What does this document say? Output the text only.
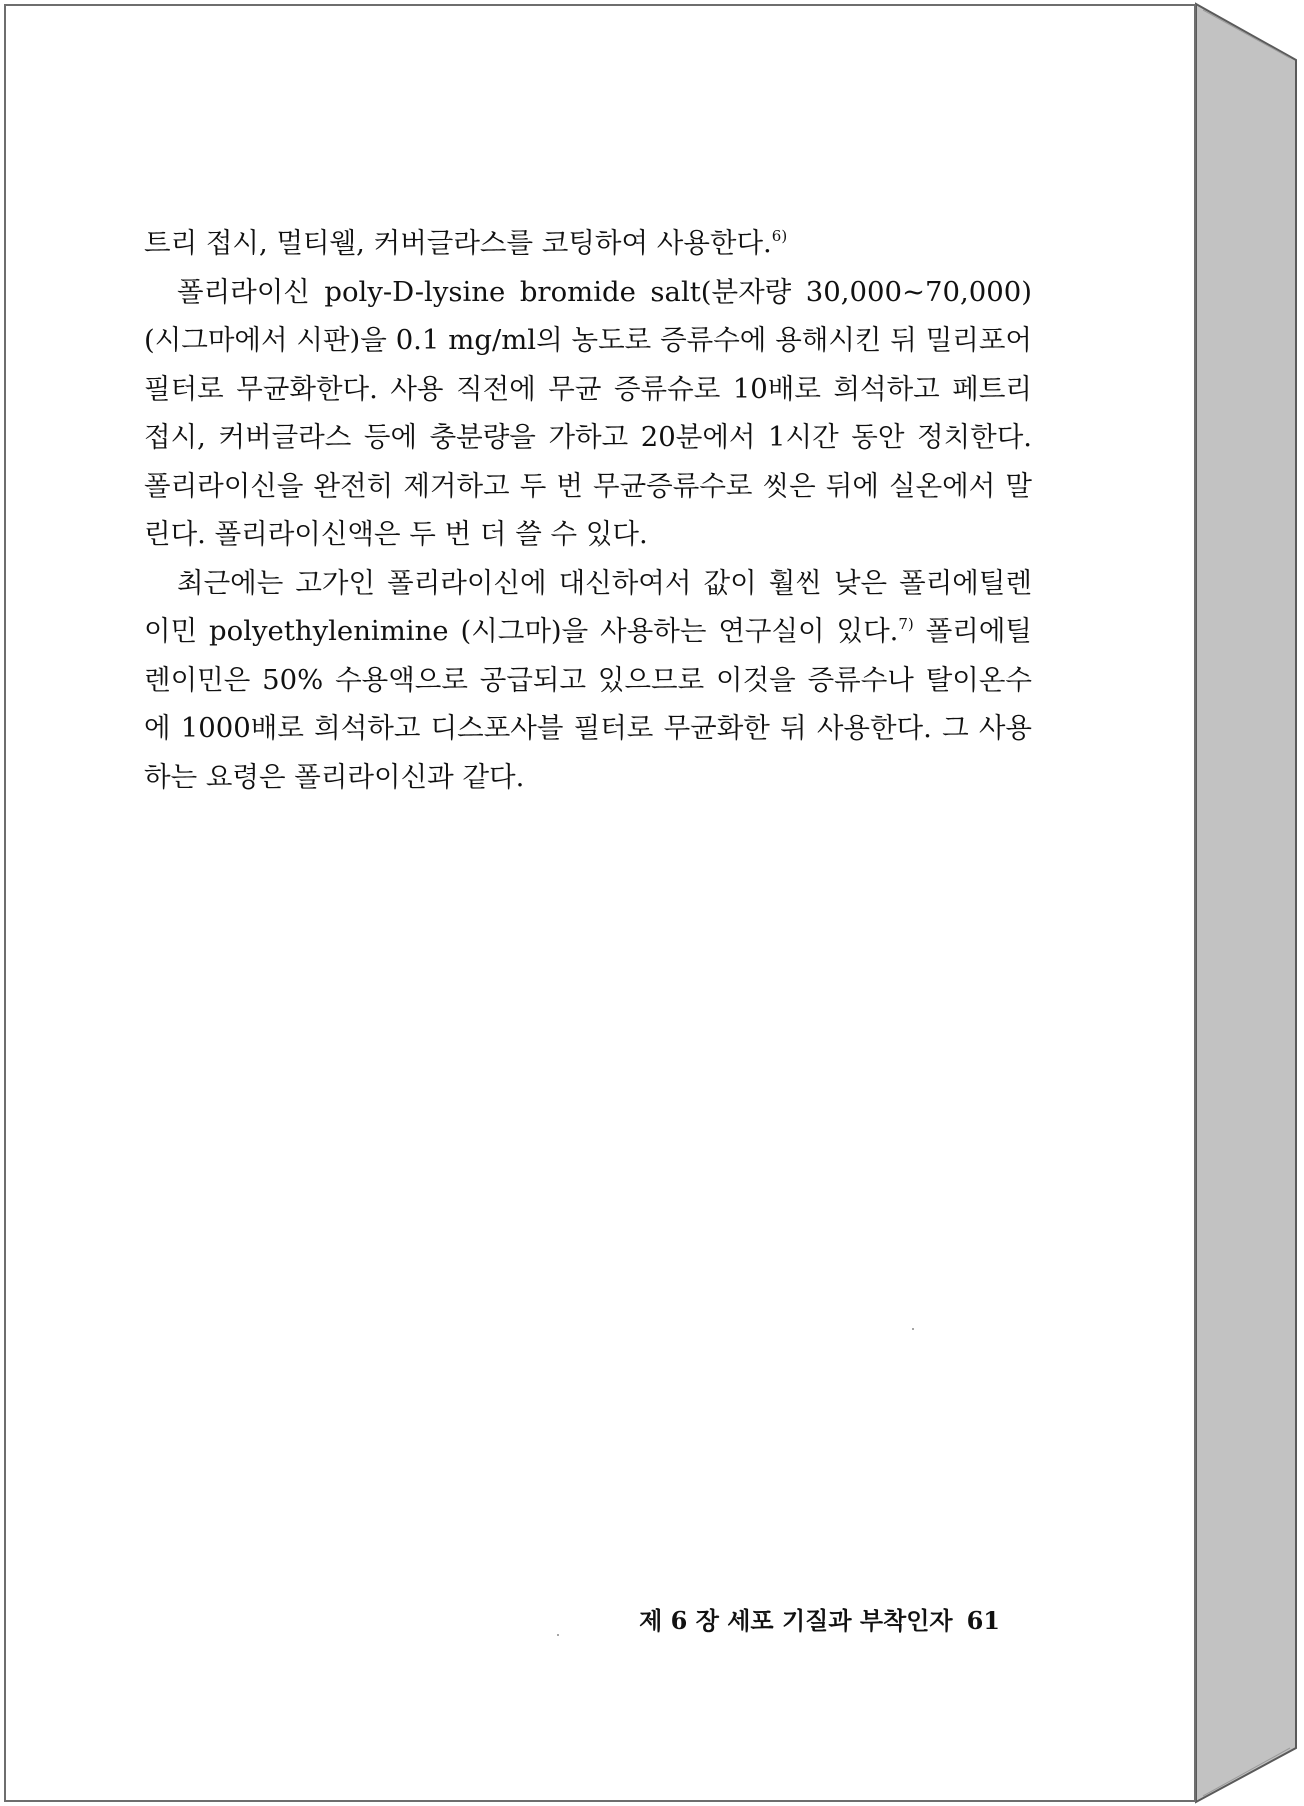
트리 접시, 멀티웰, 커버글라스를 코팅하여 사용한다.$^{6)}$

폴리라이신 poly-D-lysine bromide salt(분자량 30,000~70,000)(시그마에서 시판)을 0.1 mg/ml의 농도로 증류수에 용해시킨 뒤 밀리포어 필터로 무균화한다. 사용 직전에 무균 증류슈로 10배로 희석하고 페트리 접시, 커버글라스 등에 충분량을 가하고 20분에서 1시간 동안 정치한다. 폴리라이신을 완전히 제거하고 두 번 무균증류수로 씻은 뒤에 실온에서 말린다. 폴리라이신액은 두 번 더 쓸 수 있다.

최근에는 고가인 폴리라이신에 대신하여서 값이 훨씬 낮은 폴리에틸렌이민 polyethylenimine (시그마)을 사용하는 연구실이 있다.$^{7)}$ 폴리에틸렌이민은 50% 수용액으로 공급되고 있으므로 이것을 증류수나 탈이온수에 1000배로 희석하고 디스포사블 필터로 무균화한 뒤 사용한다. 그 사용하는 요령은 폴리라이신과 같다.

제 6 장 세포 기질과 부착인자 61
